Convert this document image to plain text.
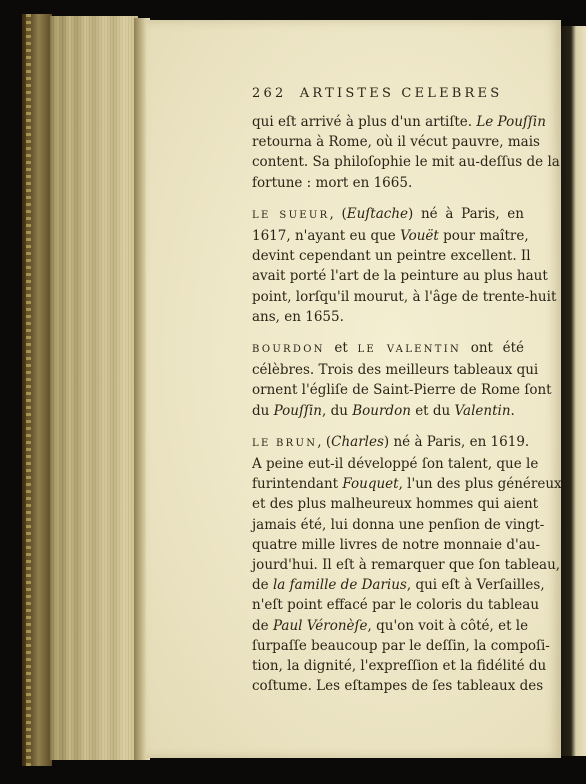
262 ARTISTES CELEBRES
qui eſt arrivé à plus d'un artiſte. Le Pouſſin
retourna à Rome, où il vécut pauvre, mais
content. Sa philoſophie le mit au-deſſus de la
fortune : mort en 1665.
LE SUEUR, (Euſtache) né à Paris, en
1617, n'ayant eu que Vouët pour maître,
devint cependant un peintre excellent. Il
avait porté l'art de la peinture au plus haut
point, lorſqu'il mourut, à l'âge de trente-huit
ans, en 1655.
BOURDON et LE VALENTIN ont été
célèbres. Trois des meilleurs tableaux qui
ornent l'égliſe de Saint-Pierre de Rome ſont
du Pouſſin, du Bourdon et du Valentin.
LE BRUN, (Charles) né à Paris, en 1619.
A peine eut-il développé ſon talent, que le
furintendant Fouquet, l'un des plus généreux
et des plus malheureux hommes qui aient
jamais été, lui donna une penſion de vingt-
quatre mille livres de notre monnaie d'au-
jourd'hui. Il eſt à remarquer que ſon tableau,
de la famille de Darius, qui eſt à Verſailles,
n'eſt point effacé par le coloris du tableau
de Paul Véronèſe, qu'on voit à côté, et le
ſurpaſſe beaucoup par le deſſin, la compoſi-
tion, la dignité, l'expreſſion et la fidélité du
coſtume. Les eſtampes de ſes tableaux des
